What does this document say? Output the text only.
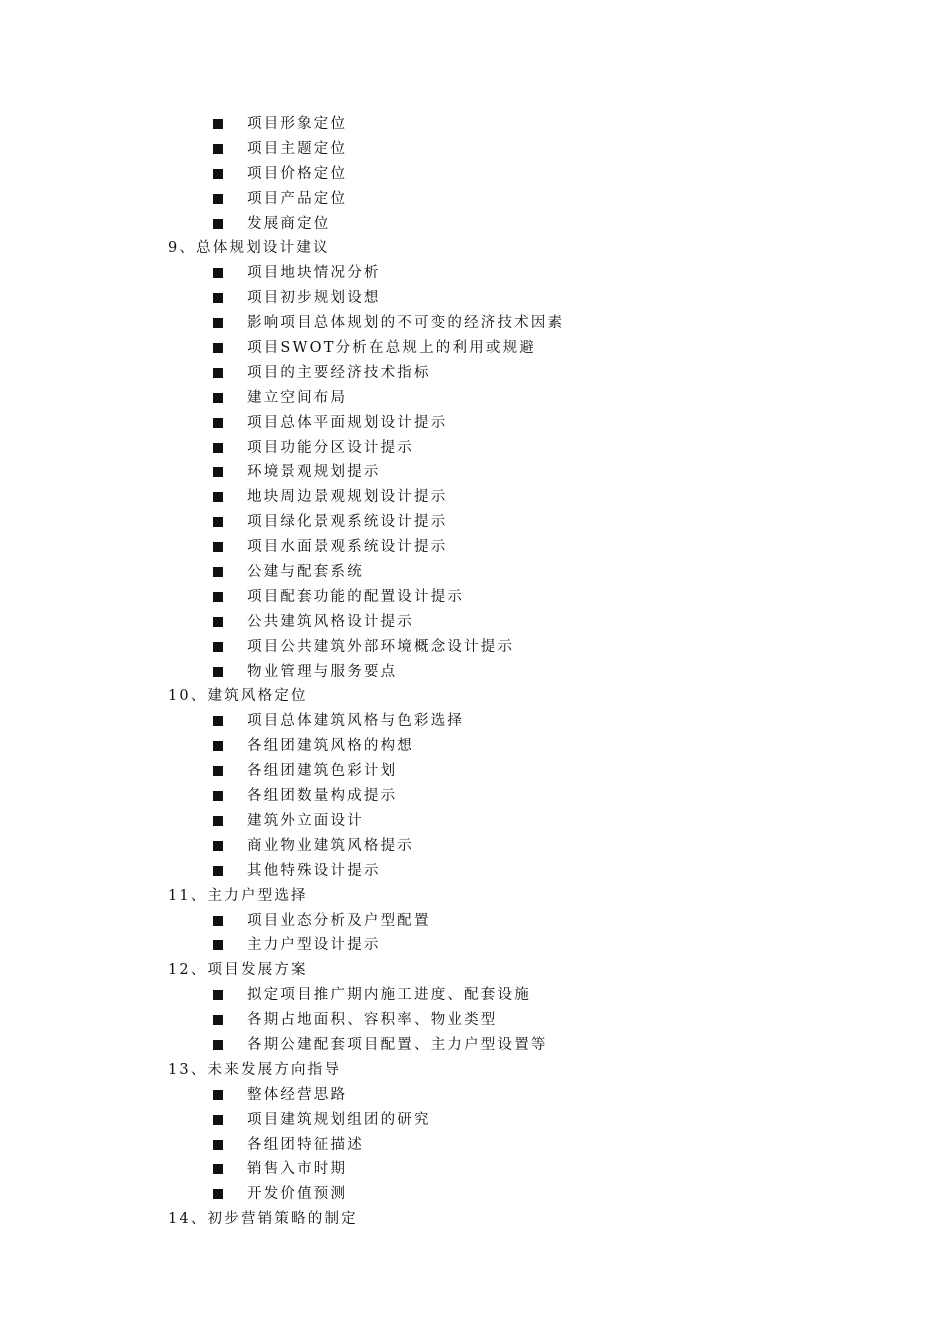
项目形象定位
项目主题定位
项目价格定位
项目产品定位
发展商定位
9、总体规划设计建议
项目地块情况分析
项目初步规划设想
影响项目总体规划的不可变的经济技术因素
项目SWOT分析在总规上的利用或规避
项目的主要经济技术指标
建立空间布局
项目总体平面规划设计提示
项目功能分区设计提示
环境景观规划提示
地块周边景观规划设计提示
项目绿化景观系统设计提示
项目水面景观系统设计提示
公建与配套系统
项目配套功能的配置设计提示
公共建筑风格设计提示
项目公共建筑外部环境概念设计提示
物业管理与服务要点
10、建筑风格定位
项目总体建筑风格与色彩选择
各组团建筑风格的构想
各组团建筑色彩计划
各组团数量构成提示
建筑外立面设计
商业物业建筑风格提示
其他特殊设计提示
11、主力户型选择
项目业态分析及户型配置
主力户型设计提示
12、项目发展方案
拟定项目推广期内施工进度、配套设施
各期占地面积、容积率、物业类型
各期公建配套项目配置、主力户型设置等
13、未来发展方向指导
整体经营思路
项目建筑规划组团的研究
各组团特征描述
销售入市时期
开发价值预测
14、初步营销策略的制定
